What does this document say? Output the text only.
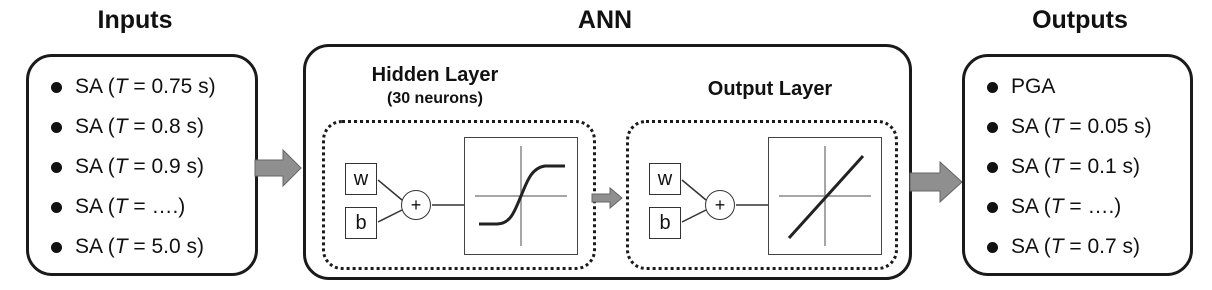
Inputs	ANN	Outputs
SA (T = 0.75 s)
SA (T = 0.8 s)
SA (T = 0.9 s)
SA (T = ….)
SA (T = 5.0 s)
Hidden Layer
(30 neurons)
w
b
+
Output Layer
w
b
+
PGA
SA (T = 0.05 s)
SA (T = 0.1 s)
SA (T = ….)
SA (T = 0.7 s)
